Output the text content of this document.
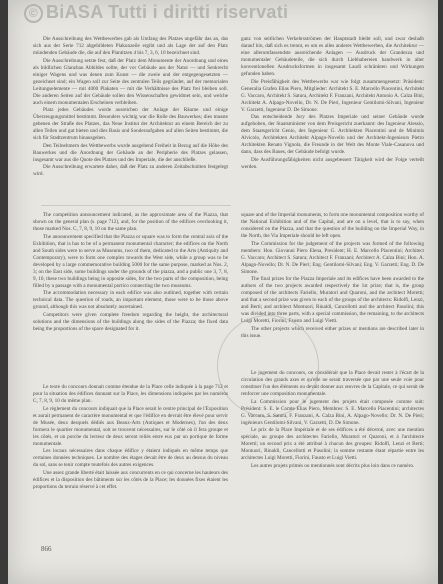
© BiASA Tutti i diritti riservati

Die Ausschreibung des Wettbewerbes gab als Umfang des Platzes ungefähr das an, das sich aus der Serie 712 abgebildeten Plakunzeile ergibt und als Lage der auf den Platz mündenden Gebäude die, die auf den Plantitzen 4 bis 7, 3, 6, 10 bezeichnet sind.

Die Ausschreibung setzte fest, daß der Platz dem Monumente der Anordnung und eines als bildlichen Glanzbau Abbildes sollte, der vor Gebäude aus der Natur — und Senkrecht einiger Wagens und was denen zum Kunst — die zweie und der entgegengesetzten — gezeichnet sind; ein Wagen soll zur Seite des zentralen Teils gegründet, auf der memorialen Leitungselemente — mit 4000 Plakaten — mit die Verhältnisse des Platz frei bleiben soll. Die anderen Seiten auf der Gebäude sollen den Wissenschaften gewidmet sein, und welche auch einem monumentalen Erscheinen verbleiben.

Platz jedes Gebäudes wurde ausreichen der Anlage der Räume und einige Überzeugungsmittel bestimmt. Besonders wichtig war die Rolle des Bauwerkes; dies musste gebenen der Straße des Platzes, das Neue Institut der Architektur an einem Bereich der zu allen Teilen und gut bieten und dies Basis und Sonderaufgaben auf allen Seiten bestimmt, die sich für Stadtzentrum hinausgehen.

Den Teilnehmern des Wettbewerbs wurde ausgehend Freiheit in Bezug auf die Höhe des Bauwerkes und die Anordnung der Gebäude an der Peripherie des Platzes gelassen, insgesamt war aus die Quote des Platzes und des Imperiale, die der anschließe.

Die Ausschreibung erwartete daher, daß der Platz zu anderen Zeitabschnitten festgelegt wird.

ganz von seitlichen Verkehrsströmen der Hauptstadt bleibt soll, und zwar deshalb darauf hin, daß sich es trennt, es um es alles anderes Wettbewerben, die Architektur — eine allerumfassendste ausreichende Anlagen — Ausdruck der Grandezza und monumentaler Gebäudeteile, die sich durch Liebhabereien handwerk in alter konventionellen Ausdrucksformen in insgesamt Laudi schränkten und Wirkungen gefunden haben.

Die Preisfähigkeit des Wettbewerbs war wie folgt zusammengesetzt: Präsident: Generalia Grafen Elias Piero, Mitglieder: Architekt S. E. Marcello Piacentini, Architekt G. Vaccaro, Architekt S. Satura, Architekt F. Franzani, Architekt Antonio A. Calza Bini, Architekt A. Alpago-Novello, Dr. N. De Pieri, Ingenieur Gentilomi-Silvani, Ingenieur V. Garzetti, Ingenieur D. De Simone.

Das entscheidende Jury des Platzes Imperiale und seiner Gebäude wurde aufgehoben, der Staatsminister von dem Preisgericht zuerkannt: des Ingenieur Alessio, dem Staatsgericht Genio, des Ingenieur G. Architekten Piacentini und de Minimis Alvicolo, Architekten Architekt Alpago-Novello und der Architekt-Ingenieurs Pietro Architekten Renato Vignola, die Freunde in der Welt des Monte Viale-Casanova und dann, dass des Baues, der Gebäude befolgt wurde.

Die Ausführungsfähigkeiten nicht ausgebessert Tätigkeit wird der Folge verteilt werden.

The competition announcement indicated, as the approximate area of the Piazza, that shown on the general plan (s. page 712), and, for the position of the edifices overlooking it, those marked Nos. C, 7, 8, 9, 10 on the same plan.

The announcement specified that the Piazza or square was to form the central axis of the Exhibition, that is has to be of a permanent monumental character; the edifices on the North and South sides were to serve as Museums, two of them, dedicated to the Arts (Antiquity and Contemporary), were to form one complex towards the West side, while a group was to be developed by a large commemorative building 5000 for the same purpose, marked as Nos. 2, 3; on the East side, some buildings under the grounds of the piazza, and a public one 3, 7, 8, 9, 10, these two buildings being in opposite sides, for the two parts of the composition, being filled by a passage with a monumental portico connecting the two museums.

The accommodation necessary in each edifice was also outlined, together with certain technical data. The question of roads, an important element, those were to be those above ground, although this was not absolutely ascertained.

Competitors were given complete freedom regarding the height, the architectural solutions and the dimensions of the buildings along the sides of the Piazza; the fixed data being the proportions of the space designated for it.

square and of the Imperial monuments, to form one monumental composition worthy of the National Exhibition and of the Capital, and are on a level, that is to say, when considered on the Piazza, and that the question of the building on the Imperial Way, in the North, the Via Imperiale should be left open.

The Commission for the judgement of the projects was formed of the following members: Hon. Giovanni Piero Elena, President; H. E. Marcello Piacentini; Architect G. Vaccaro; Architect S. Satura; Architect F. Franzani; Architect A. Calza Bini; Hon. A. Alpago-Novello; Dr. N. De Pieri; Eng. Gentilomi-Silvani; Eng. V. Garzetti; Eng. D. De Simone.

The final prizes for the Piazza Imperiale and its edifices have been awarded to the authors of the two projects awarded respectively the 1st prize; that is, the group composed of the architects Fariello, Muratori and Quaroni, and the architect Moretti; and that a second prize was given to each of the groups of the architects: Ridolfi, Lenzi, and Berti; and architect Montuori, Rinaldi, Cancellotti and the architect Pasolini; this was divided into three parts, with a special commission, the remaining, to the architects Luigi Moretti, Fiorini, Fausto and Luigi Vietti.

The other projects which received either prizes or mentions are described later in this issue.

Le texte du concours donnait comme étendue de la Place celle indiquée à la page 712 et pour la situation des édifices donnant sur la Place, les dimensions indiquées par les numéros C, 7, 8, 9, 10 du même plan.

Le règlement du concours indiquait que la Place serait le centre principal de l'Exposition et aurait permanent de caractère monumental et que l'édifice en devrait être élevé pour servir de Musée, deux desquels dédiés aux Beaux-Arts (Antiques et Modernes), l'un des deux formera le quartier monumental, soit se trouvent nécessaires, sur le côté où il fera groupe et les côtés, et un porche du lecteur de deux seront reliés entre eux par un portique de forme monumentale.

Les locaux nécessaires dans chaque édifice y étaient indiqués en même temps que certaines données techniques. Le nombre des étages devait être de deux au dessus du niveau du sol, sans se tenir compte toutefois des autres exigences.

Une assez grande liberté était laissée aux concurrents en ce qui concerne les hauteurs des édifices et la disposition des bâtiments sur les côtés de la Place; les données fixes étaient les proportions du terrain réservé à cet effet.

Le jugement du concours, on considérait que la Place devait rester à l'écart de la circulation des grands axes et qu'elle ne serait traversée que par une seule voie pour constituer l'un des éléments ou devait donner aux œuvres de la Capitale, ce qui serait de renforcer une composition monumentale.

La Commission pour le jugement des projets était composée comme suit: Président: S. E. le Comte Elias Piero, Membres: S. E. Marcello Piacentini; architectes G. Vaccaro, S. Satura, F. Franzani, A. Calza Bini, A. Alpago-Novello; Dr. N. De Pieri; ingénieurs Gentilomi-Silvani, V. Garzetti, D. De Simone.

Le prix de la Place Impériale et de ses édifices a été décerné, avec une mention spéciale, au groupe des architectes Fariello, Muratori et Quaroni, et à l'architecte Moretti; un second prix a été attribué à chacun des groupes: Ridolfi, Lenzi et Berti; Montuori, Rinaldi, Cancellotti et Pasolini; la somme restante étant répartie entre les architectes Luigi Moretti, Fiorini, Fausto et Luigi Vietti.

Les autres projets primés ou mentionnés sont décrits plus loin dans ce numéro.

866
